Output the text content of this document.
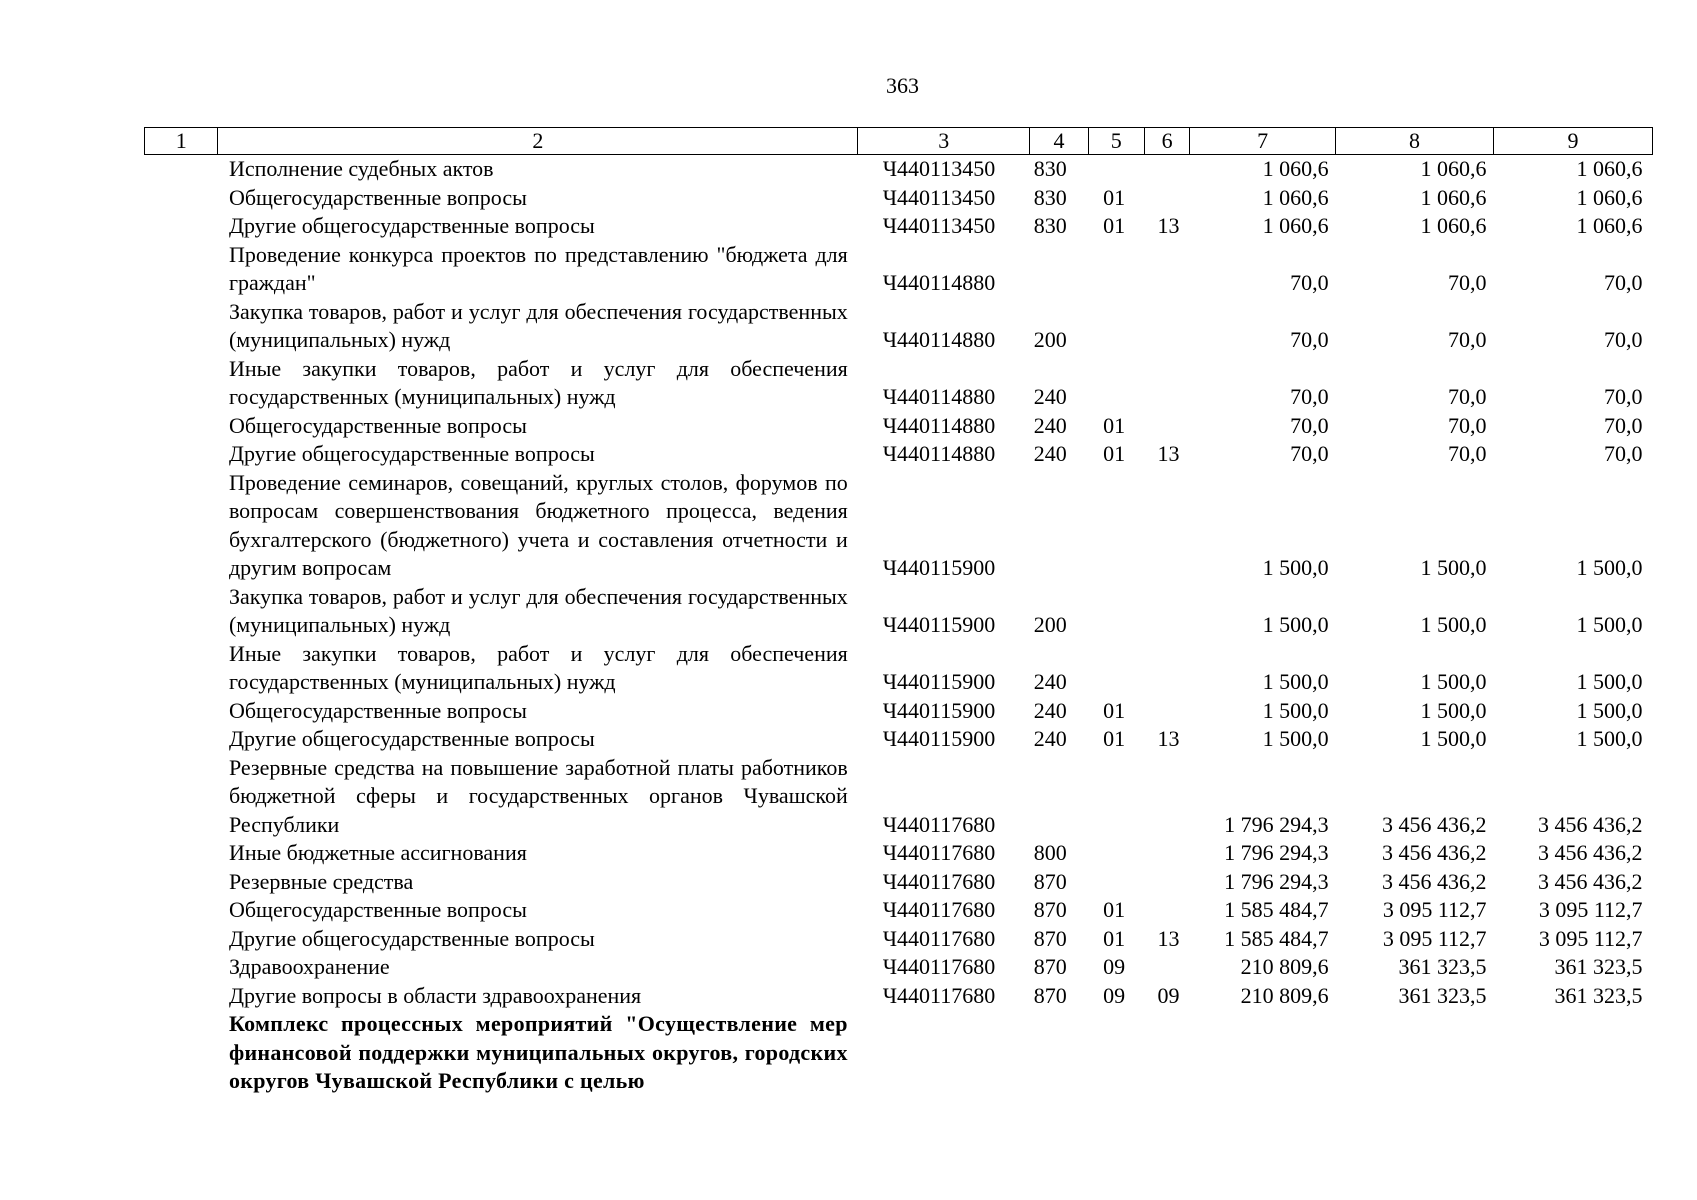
363
1	2	3	4	5	6	7	8	9
	Исполнение судебных актов	Ч440113450	830			1 060,6	1 060,6	1 060,6
	Общегосударственные вопросы	Ч440113450	830	01		1 060,6	1 060,6	1 060,6
	Другие общегосударственные вопросы	Ч440113450	830	01	13	1 060,6	1 060,6	1 060,6
	Проведение конкурса проектов по представлению "бюджета для граждан"	Ч440114880				70,0	70,0	70,0
	Закупка товаров, работ и услуг для обеспечения государственных (муниципальных) нужд	Ч440114880	200			70,0	70,0	70,0
	Иные закупки товаров, работ и услуг для обеспечения государственных (муниципальных) нужд	Ч440114880	240			70,0	70,0	70,0
	Общегосударственные вопросы	Ч440114880	240	01		70,0	70,0	70,0
	Другие общегосударственные вопросы	Ч440114880	240	01	13	70,0	70,0	70,0
	Проведение семинаров, совещаний, круглых столов, форумов по вопросам совершенствования бюджетного процесса, ведения бухгалтерского (бюджетного) учета и составления отчетности и другим вопросам	Ч440115900				1 500,0	1 500,0	1 500,0
	Закупка товаров, работ и услуг для обеспечения государственных (муниципальных) нужд	Ч440115900	200			1 500,0	1 500,0	1 500,0
	Иные закупки товаров, работ и услуг для обеспечения государственных (муниципальных) нужд	Ч440115900	240			1 500,0	1 500,0	1 500,0
	Общегосударственные вопросы	Ч440115900	240	01		1 500,0	1 500,0	1 500,0
	Другие общегосударственные вопросы	Ч440115900	240	01	13	1 500,0	1 500,0	1 500,0
	Резервные средства на повышение заработной платы работников бюджетной сферы и государственных органов Чувашской Республики	Ч440117680				1 796 294,3	3 456 436,2	3 456 436,2
	Иные бюджетные ассигнования	Ч440117680	800			1 796 294,3	3 456 436,2	3 456 436,2
	Резервные средства	Ч440117680	870			1 796 294,3	3 456 436,2	3 456 436,2
	Общегосударственные вопросы	Ч440117680	870	01		1 585 484,7	3 095 112,7	3 095 112,7
	Другие общегосударственные вопросы	Ч440117680	870	01	13	1 585 484,7	3 095 112,7	3 095 112,7
	Здравоохранение	Ч440117680	870	09		210 809,6	361 323,5	361 323,5
	Другие вопросы в области здравоохранения	Ч440117680	870	09	09	210 809,6	361 323,5	361 323,5
	Комплекс процессных мероприятий "Осуществление мер финансовой поддержки муниципальных округов, городских округов Чувашской Республики с целью							
